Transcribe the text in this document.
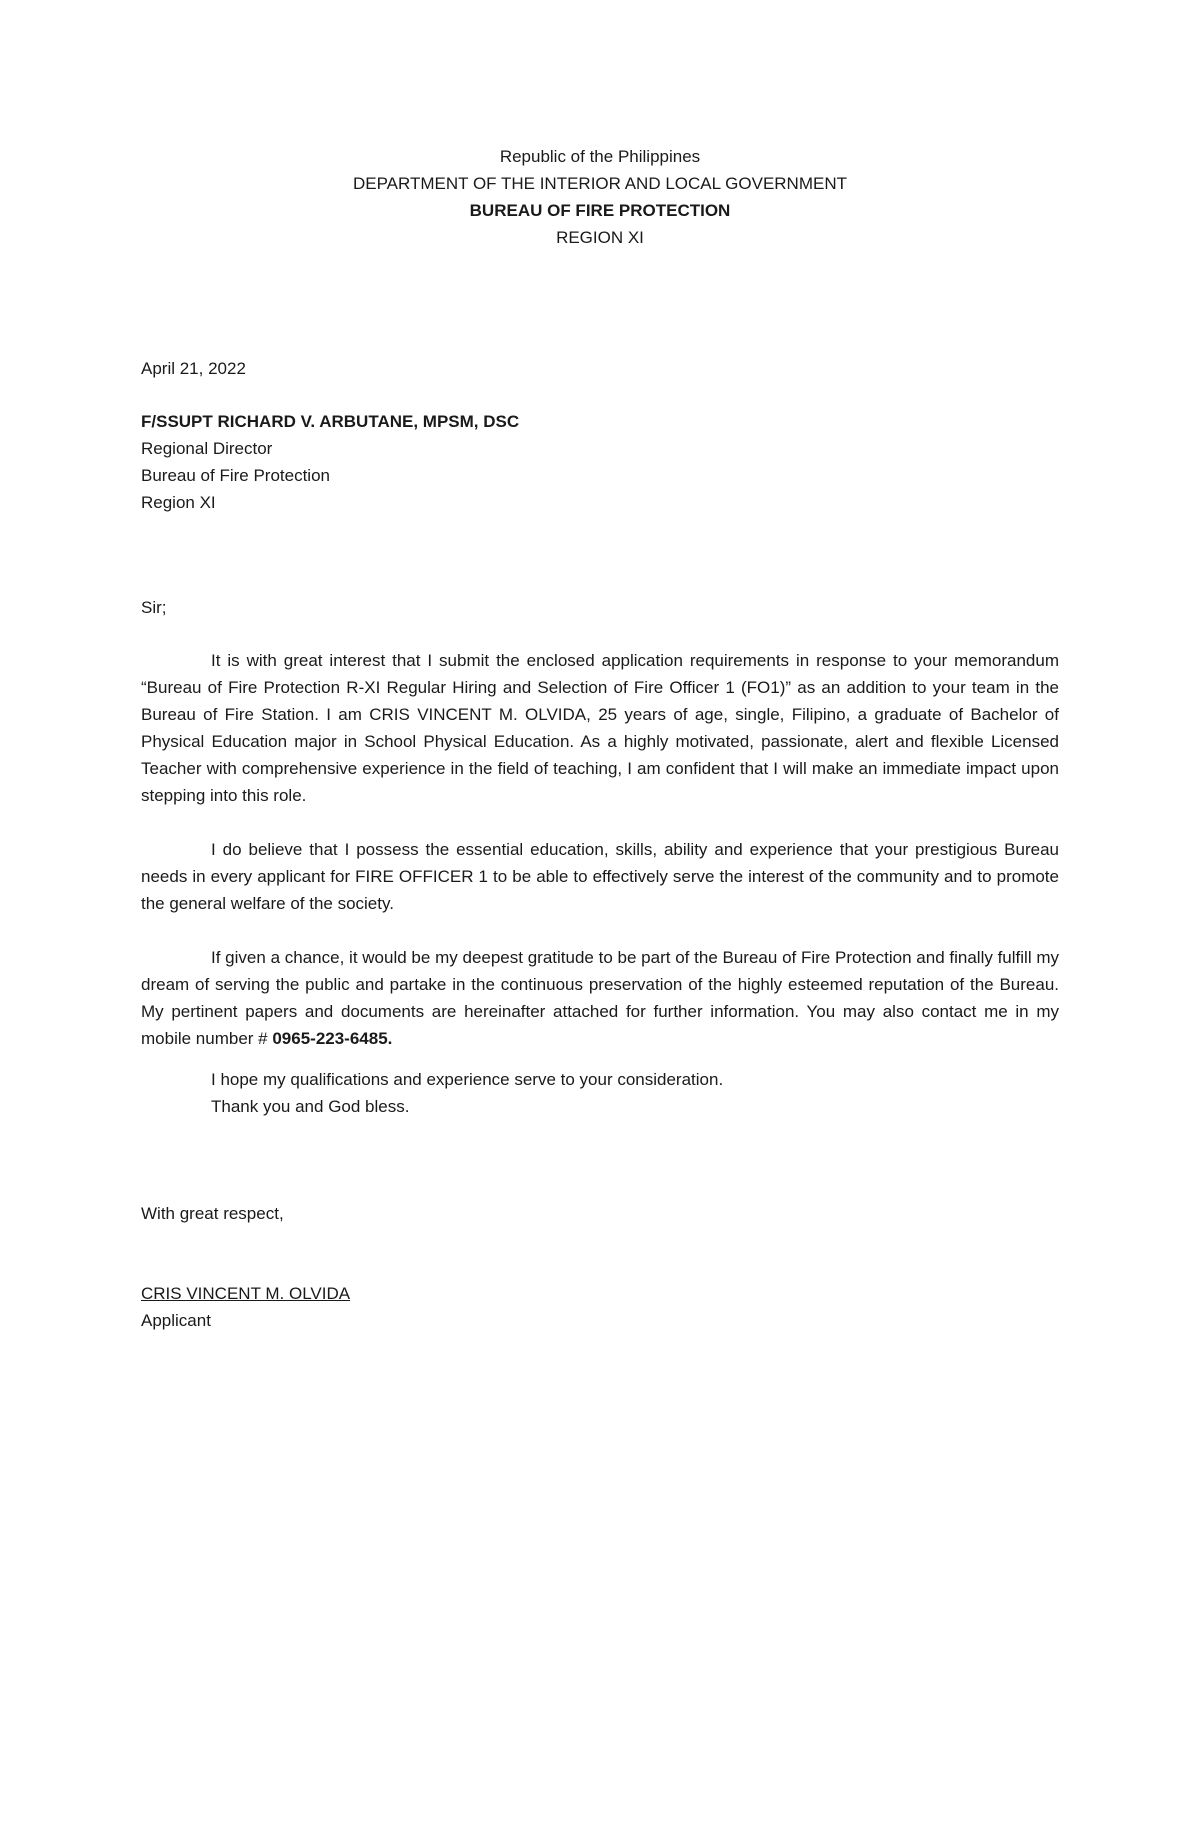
Republic of the Philippines
DEPARTMENT OF THE INTERIOR AND LOCAL GOVERNMENT
BUREAU OF FIRE PROTECTION
REGION XI
April 21, 2022
F/SSUPT RICHARD V. ARBUTANE, MPSM, DSC
Regional Director
Bureau of Fire Protection
Region XI
Sir;

It is with great interest that I submit the enclosed application requirements in response to your memorandum “Bureau of Fire Protection R-XI Regular Hiring and Selection of Fire Officer 1 (FO1)” as an addition to your team in the Bureau of Fire Station. I am CRIS VINCENT M. OLVIDA, 25 years of age, single, Filipino, a graduate of Bachelor of Physical Education major in School Physical Education. As a highly motivated, passionate, alert and flexible Licensed Teacher with comprehensive experience in the field of teaching, I am confident that I will make an immediate impact upon stepping into this role.

I do believe that I possess the essential education, skills, ability and experience that your prestigious Bureau needs in every applicant for FIRE OFFICER 1 to be able to effectively serve the interest of the community and to promote the general welfare of the society.

If given a chance, it would be my deepest gratitude to be part of the Bureau of Fire Protection and finally fulfill my dream of serving the public and partake in the continuous preservation of the highly esteemed reputation of the Bureau. My pertinent papers and documents are hereinafter attached for further information. You may also contact me in my mobile number # 0965-223-6485.

I hope my qualifications and experience serve to your consideration.
Thank you and God bless.
With great respect,
CRIS VINCENT M. OLVIDA
Applicant
